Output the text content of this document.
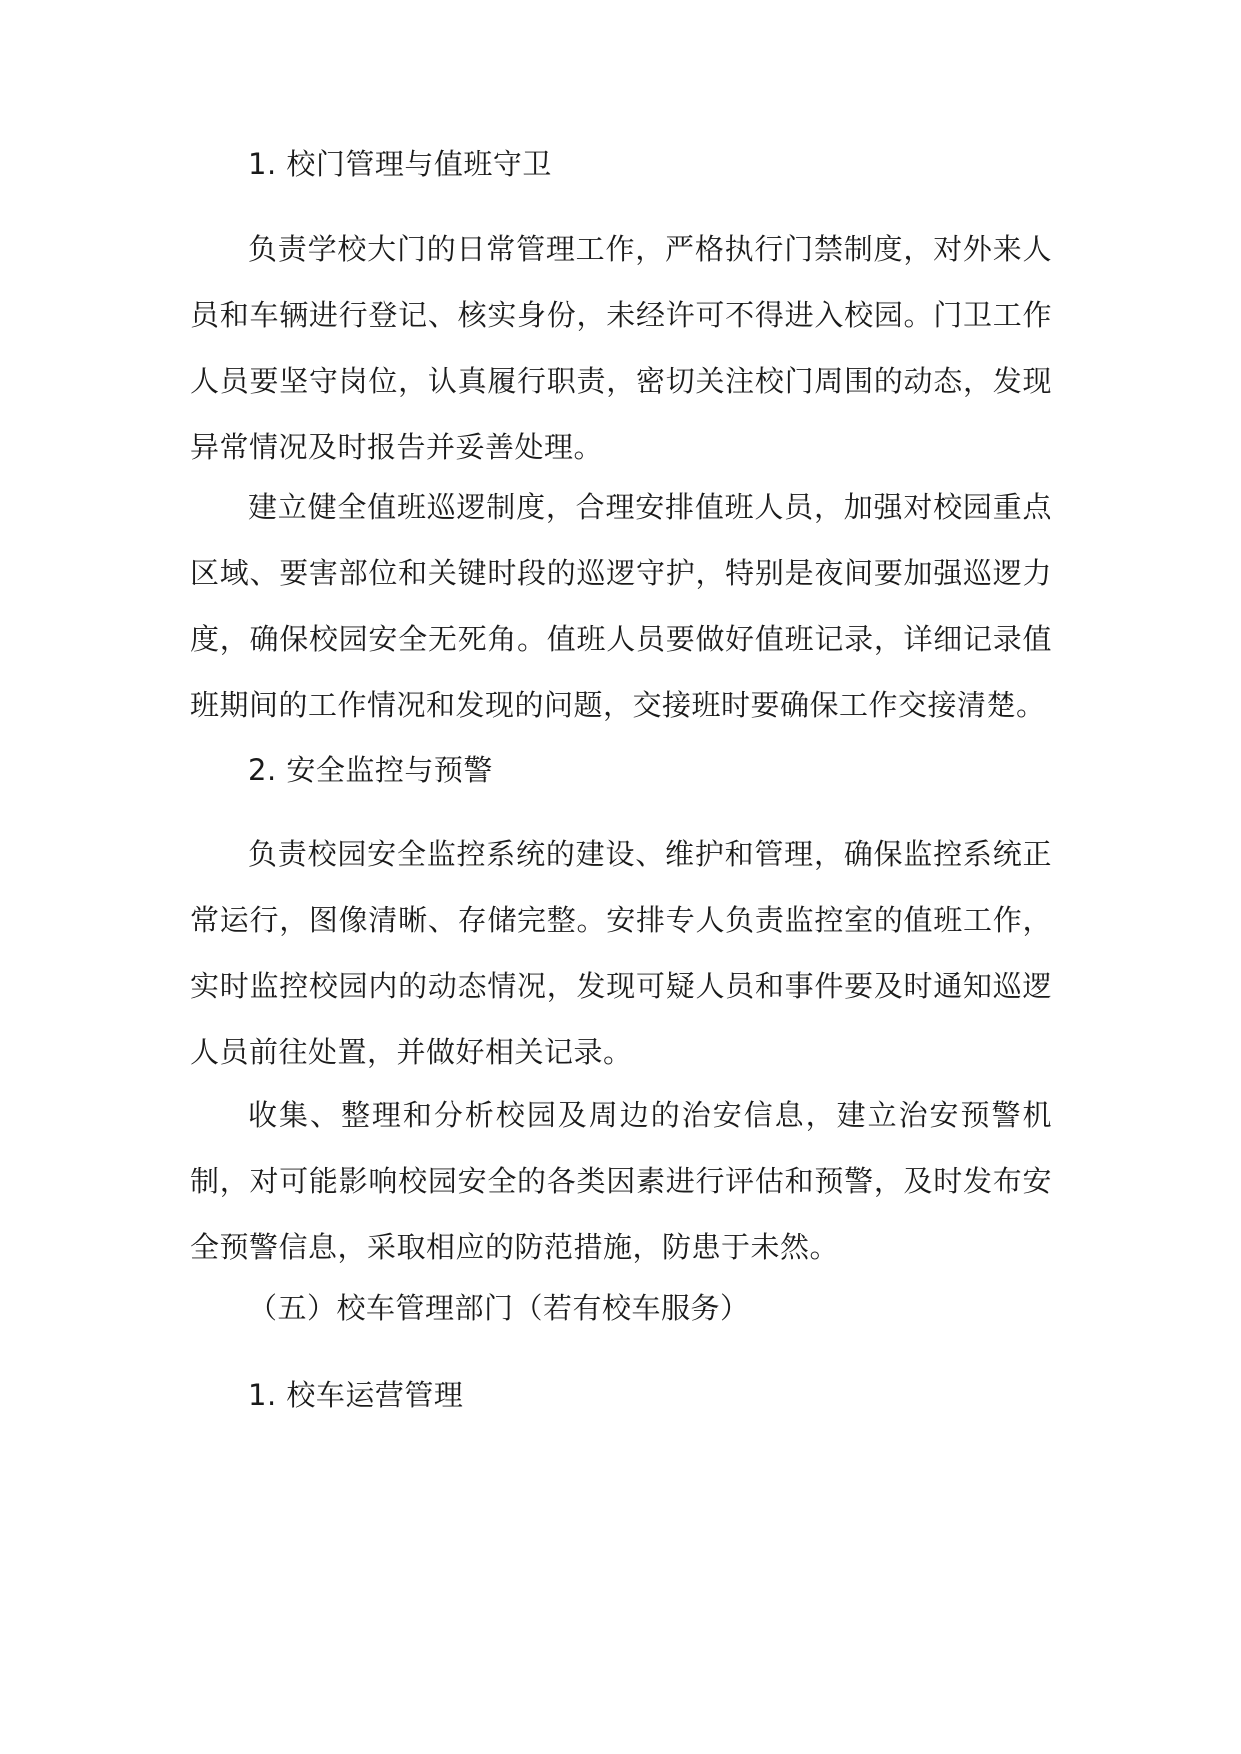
1. 校门管理与值班守卫

负责学校大门的日常管理工作，严格执行门禁制度，对外来人员和车辆进行登记、核实身份，未经许可不得进入校园。门卫工作人员要坚守岗位，认真履行职责，密切关注校门周围的动态，发现异常情况及时报告并妥善处理。

建立健全值班巡逻制度，合理安排值班人员，加强对校园重点区域、要害部位和关键时段的巡逻守护，特别是夜间要加强巡逻力度，确保校园安全无死角。值班人员要做好值班记录，详细记录值班期间的工作情况和发现的问题，交接班时要确保工作交接清楚。

2. 安全监控与预警

负责校园安全监控系统的建设、维护和管理，确保监控系统正常运行，图像清晰、存储完整。安排专人负责监控室的值班工作，实时监控校园内的动态情况，发现可疑人员和事件要及时通知巡逻人员前往处置，并做好相关记录。

收集、整理和分析校园及周边的治安信息，建立治安预警机制，对可能影响校园安全的各类因素进行评估和预警，及时发布安全预警信息，采取相应的防范措施，防患于未然。

（五）校车管理部门（若有校车服务）

1. 校车运营管理
